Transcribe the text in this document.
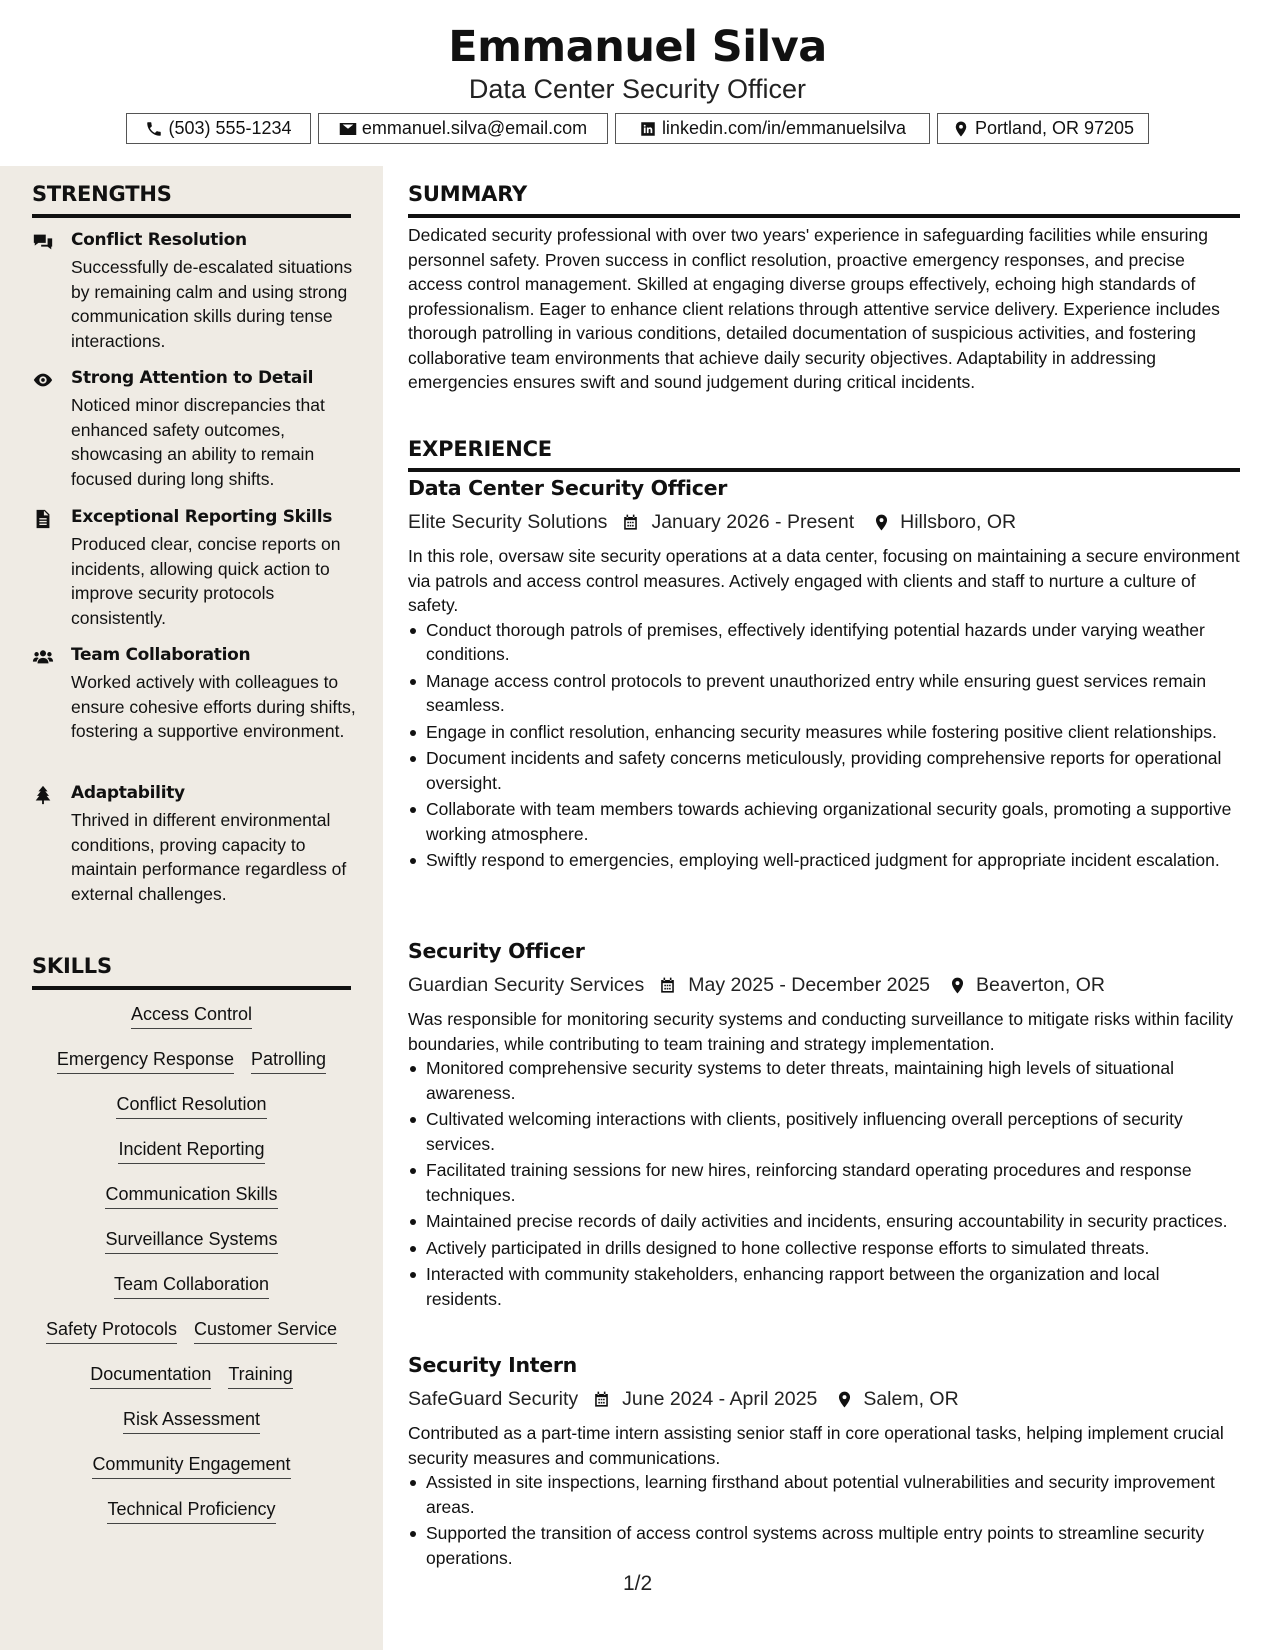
Emmanuel Silva
Data Center Security Officer
(503) 555-1234	emmanuel.silva@email.com	linkedin.com/in/emmanuelsilva	Portland, OR 97205
STRENGTHS
Conflict Resolution
Successfully de-escalated situations by remaining calm and using strong communication skills during tense interactions.
Strong Attention to Detail
Noticed minor discrepancies that enhanced safety outcomes, showcasing an ability to remain focused during long shifts.
Exceptional Reporting Skills
Produced clear, concise reports on incidents, allowing quick action to improve security protocols consistently.
Team Collaboration
Worked actively with colleagues to ensure cohesive efforts during shifts, fostering a supportive environment.
Adaptability
Thrived in different environmental conditions, proving capacity to maintain performance regardless of external challenges.
SKILLS
Access Control
Emergency Response Patrolling
Conflict Resolution
Incident Reporting
Communication Skills
Surveillance Systems
Team Collaboration
Safety Protocols Customer Service
Documentation Training
Risk Assessment
Community Engagement
Technical Proficiency
SUMMARY
Dedicated security professional with over two years' experience in safeguarding facilities while ensuring personnel safety. Proven success in conflict resolution, proactive emergency responses, and precise access control management. Skilled at engaging diverse groups effectively, echoing high standards of professionalism. Eager to enhance client relations through attentive service delivery. Experience includes thorough patrolling in various conditions, detailed documentation of suspicious activities, and fostering collaborative team environments that achieve daily security objectives. Adaptability in addressing emergencies ensures swift and sound judgement during critical incidents.
EXPERIENCE
Data Center Security Officer
Elite Security Solutions January 2026 - Present Hillsboro, OR
In this role, oversaw site security operations at a data center, focusing on maintaining a secure environment via patrols and access control measures. Actively engaged with clients and staff to nurture a culture of safety.
Conduct thorough patrols of premises, effectively identifying potential hazards under varying weather conditions.
Manage access control protocols to prevent unauthorized entry while ensuring guest services remain seamless.
Engage in conflict resolution, enhancing security measures while fostering positive client relationships.
Document incidents and safety concerns meticulously, providing comprehensive reports for operational oversight.
Collaborate with team members towards achieving organizational security goals, promoting a supportive working atmosphere.
Swiftly respond to emergencies, employing well-practiced judgment for appropriate incident escalation.
Security Officer
Guardian Security Services May 2025 - December 2025 Beaverton, OR
Was responsible for monitoring security systems and conducting surveillance to mitigate risks within facility boundaries, while contributing to team training and strategy implementation.
Monitored comprehensive security systems to deter threats, maintaining high levels of situational awareness.
Cultivated welcoming interactions with clients, positively influencing overall perceptions of security services.
Facilitated training sessions for new hires, reinforcing standard operating procedures and response techniques.
Maintained precise records of daily activities and incidents, ensuring accountability in security practices.
Actively participated in drills designed to hone collective response efforts to simulated threats.
Interacted with community stakeholders, enhancing rapport between the organization and local residents.
Security Intern
SafeGuard Security June 2024 - April 2025 Salem, OR
Contributed as a part-time intern assisting senior staff in core operational tasks, helping implement crucial security measures and communications.
Assisted in site inspections, learning firsthand about potential vulnerabilities and security improvement areas.
Supported the transition of access control systems across multiple entry points to streamline security operations.
1/2
